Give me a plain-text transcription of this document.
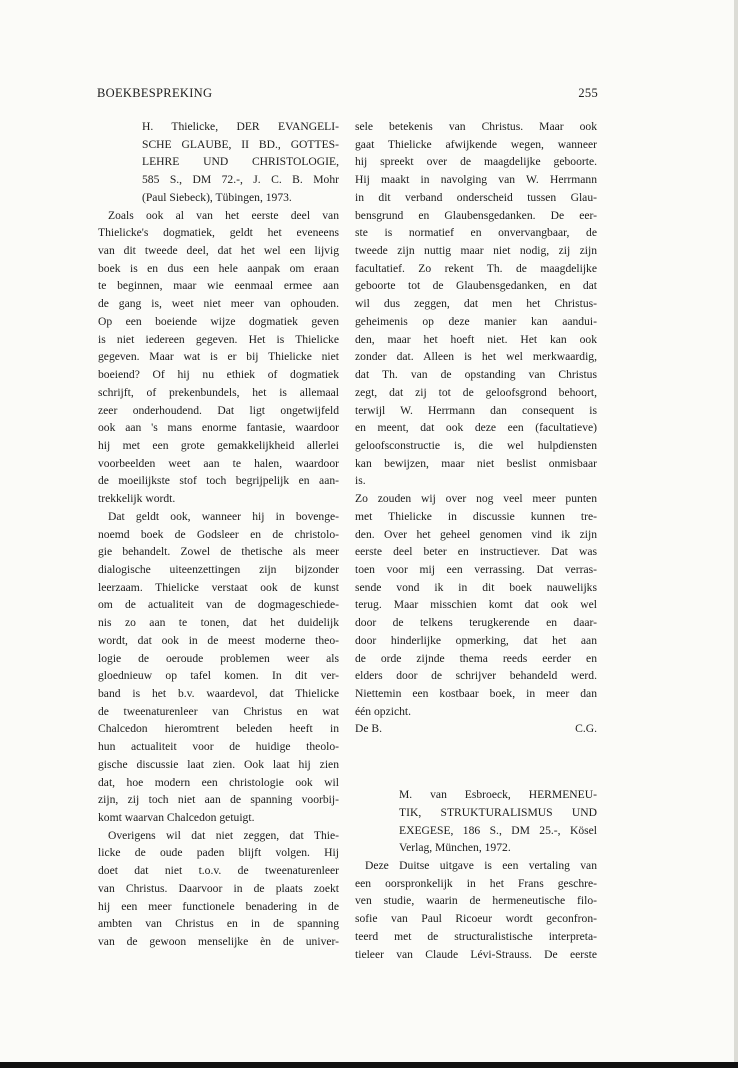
BOEKBESPREKING	255
H. Thielicke, DER EVANGELI-
SCHE GLAUBE, II BD., GOTTES-
LEHRE UND CHRISTOLOGIE,
585 S., DM 72.-, J. C. B. Mohr
(Paul Siebeck), Tübingen, 1973.
Zoals ook al van het eerste deel van
Thielicke's dogmatiek, geldt het eveneens
van dit tweede deel, dat het wel een lijvig
boek is en dus een hele aanpak om eraan
te beginnen, maar wie eenmaal ermee aan
de gang is, weet niet meer van ophouden.
Op een boeiende wijze dogmatiek geven
is niet iedereen gegeven. Het is Thielicke
gegeven. Maar wat is er bij Thielicke niet
boeiend? Of hij nu ethiek of dogmatiek
schrijft, of prekenbundels, het is allemaal
zeer onderhoudend. Dat ligt ongetwijfeld
ook aan 's mans enorme fantasie, waardoor
hij met een grote gemakkelijkheid allerlei
voorbeelden weet aan te halen, waardoor
de moeilijkste stof toch begrijpelijk en aan-
trekkelijk wordt.
Dat geldt ook, wanneer hij in bovenge-
noemd boek de Godsleer en de christolo-
gie behandelt. Zowel de thetische als meer
dialogische uiteenzettingen zijn bijzonder
leerzaam. Thielicke verstaat ook de kunst
om de actualiteit van de dogmageschiede-
nis zo aan te tonen, dat het duidelijk
wordt, dat ook in de meest moderne theo-
logie de oeroude problemen weer als
gloednieuw op tafel komen. In dit ver-
band is het b.v. waardevol, dat Thielicke
de tweenaturenleer van Christus en wat
Chalcedon hieromtrent beleden heeft in
hun actualiteit voor de huidige theolo-
gische discussie laat zien. Ook laat hij zien
dat, hoe modern een christologie ook wil
zijn, zij toch niet aan de spanning voorbij-
komt waarvan Chalcedon getuigt.
Overigens wil dat niet zeggen, dat Thie-
licke de oude paden blijft volgen. Hij
doet dat niet t.o.v. de tweenaturenleer
van Christus. Daarvoor in de plaats zoekt
hij een meer functionele benadering in de
ambten van Christus en in de spanning
van de gewoon menselijke èn de univer-
sele betekenis van Christus. Maar ook
gaat Thielicke afwijkende wegen, wanneer
hij spreekt over de maagdelijke geboorte.
Hij maakt in navolging van W. Herrmann
in dit verband onderscheid tussen Glau-
bensgrund en Glaubensgedanken. De eer-
ste is normatief en onvervangbaar, de
tweede zijn nuttig maar niet nodig, zij zijn
facultatief. Zo rekent Th. de maagdelijke
geboorte tot de Glaubensgedanken, en dat
wil dus zeggen, dat men het Christus-
geheimenis op deze manier kan aandui-
den, maar het hoeft niet. Het kan ook
zonder dat. Alleen is het wel merkwaardig,
dat Th. van de opstanding van Christus
zegt, dat zij tot de geloofsgrond behoort,
terwijl W. Herrmann dan consequent is
en meent, dat ook deze een (facultatieve)
geloofsconstructie is, die wel hulpdiensten
kan bewijzen, maar niet beslist onmisbaar
is.
Zo zouden wij over nog veel meer punten
met Thielicke in discussie kunnen tre-
den. Over het geheel genomen vind ik zijn
eerste deel beter en instructiever. Dat was
toen voor mij een verrassing. Dat verras-
sende vond ik in dit boek nauwelijks
terug. Maar misschien komt dat ook wel
door de telkens terugkerende en daar-
door hinderlijke opmerking, dat het aan
de orde zijnde thema reeds eerder en
elders door de schrijver behandeld werd.
Niettemin een kostbaar boek, in meer dan
één opzicht.
De B.	C.G.
M. van Esbroeck, HERMENEU-
TIK, STRUKTURALISMUS UND
EXEGESE, 186 S., DM 25.-, Kösel
Verlag, München, 1972.
Deze Duitse uitgave is een vertaling van
een oorspronkelijk in het Frans geschre-
ven studie, waarin de hermeneutische filo-
sofie van Paul Ricoeur wordt geconfron-
teerd met de structuralistische interpreta-
tieleer van Claude Lévi-Strauss. De eerste
